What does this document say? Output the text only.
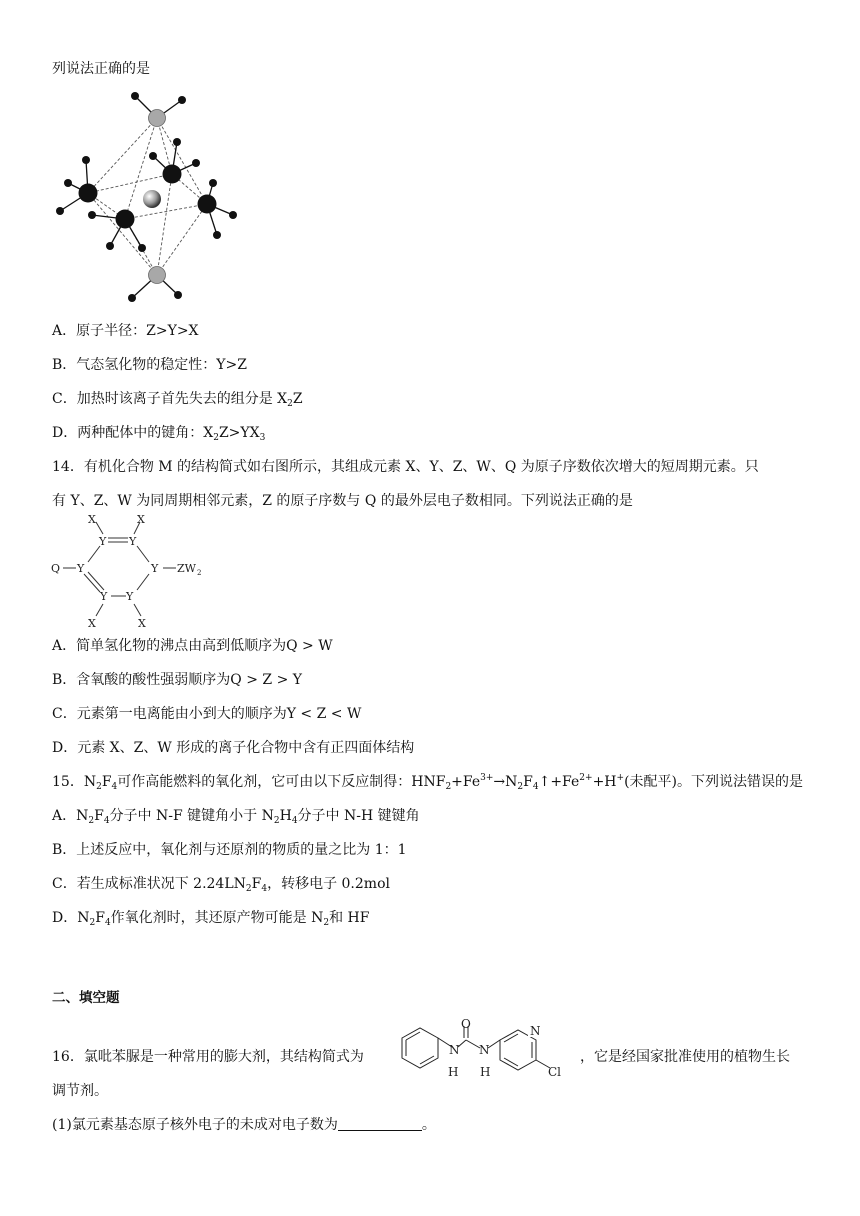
列说法正确的是
A．原子半径：Z>Y>X
B．气态氢化物的稳定性：Y>Z
C．加热时该离子首先失去的组分是 $X_2Z$
D．两种配体中的键角：$X_2Z>YX_3$
14．有机化合物 M 的结构简式如右图所示，其组成元素 X、Y、Z、W、Q 为原子序数依次增大的短周期元素。只
有 Y、Z、W 为同周期相邻元素，Z 的原子序数与 Q 的最外层电子数相同。下列说法正确的是
X	X
Y Y
Q Y	Y ZW 2
Y Y
X	X
A．简单氢化物的沸点由高到低顺序为Q > W
B．含氧酸的酸性强弱顺序为Q > Z > Y
C．元素第一电离能由小到大的顺序为Y < Z < W
D．元素 X、Z、W 形成的离子化合物中含有正四面体结构
15．$N_2F_4$可作高能燃料的氧化剂，它可由以下反应制得：$HNF_2+Fe^{3+}\to N_2F_4↑+Fe^{2+}+H^+$(未配平)。下列说法错误的是
A．$N_2F_4$分子中 N-F 键键角小于 $N_2H_4$分子中 N-H 键键角
B．上述反应中，氧化剂与还原剂的物质的量之比为 1：1
C．若生成标准状况下 $2.24LN_2F_4$，转移电子 0.2mol
D．$N_2F_4$作氧化剂时，其还原产物可能是 $N_2$和 HF
二、填空题
N
O
N
H
N
H	Cl
16．氯吡苯脲是一种常用的膨大剂，其结构简式为	，它是经国家批准使用的植物生长
调节剂。
(1)氯元素基态原子核外电子的未成对电子数为	。
